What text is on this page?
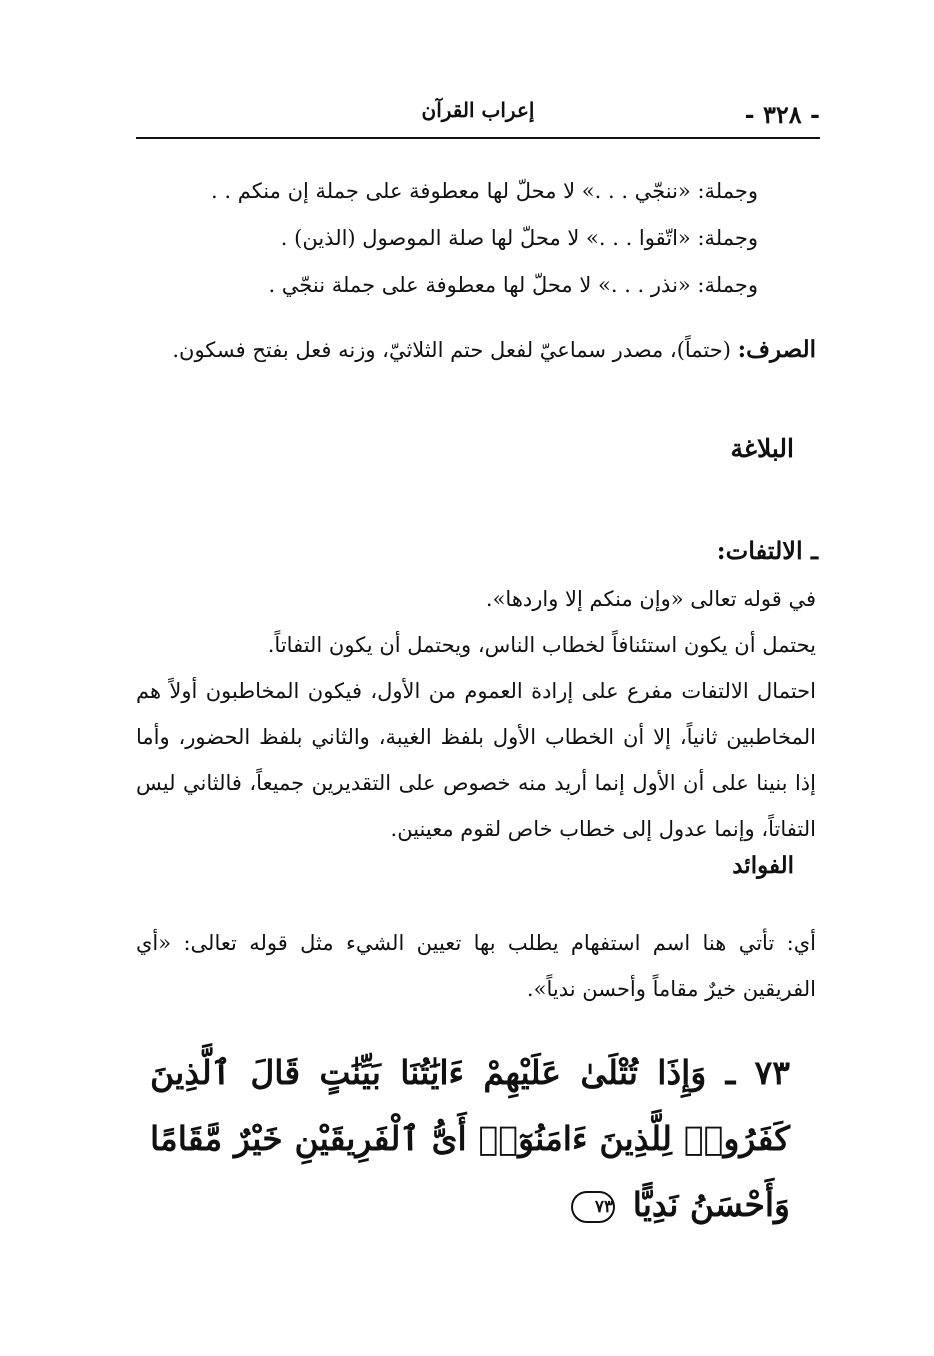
- ٣٢٨ -
إعراب القرآن
وجملة: «ننجّي . . .» لا محلّ لها معطوفة على جملة إن منكم . .
وجملة: «اتّقوا . . .» لا محلّ لها صلة الموصول (الذين) .
وجملة: «نذر . . .» لا محلّ لها معطوفة على جملة ننجّي .
الصرف: (حتماً)، مصدر سماعيّ لفعل حتم الثلاثيّ، وزنه فعل بفتح فسكون.
البلاغة
ـ الالتفات:
في قوله تعالى «وإن منكم إلا واردها».
يحتمل أن يكون استئنافاً لخطاب الناس، ويحتمل أن يكون التفاتاً.
احتمال الالتفات مفرع على إرادة العموم من الأول، فيكون المخاطبون أولاً هم المخاطبين ثانياً، إلا أن الخطاب الأول بلفظ الغيبة، والثاني بلفظ الحضور، وأما إذا بنينا على أن الأول إنما أريد منه خصوص على التقديرين جميعاً، فالثاني ليس التفاتاً، وإنما عدول إلى خطاب خاص لقوم معينين.
الفوائد
أي: تأتي هنا اسم استفهام يطلب بها تعيين الشيء مثل قوله تعالى: «أي الفريقين خيرٌ مقاماً وأحسن ندياً».
٧٣ ـ وَإِذَا تُتْلَىٰ عَلَيْهِمْ ءَايَٰتُنَا بَيِّنَٰتٍ قَالَ ٱلَّذِينَ كَفَرُوا۟ لِلَّذِينَ ءَامَنُوٓا۟ أَىُّ ٱلْفَرِيقَيْنِ خَيْرٌ مَّقَامًا وَأَحْسَنُ نَدِيًّا ٧٣
